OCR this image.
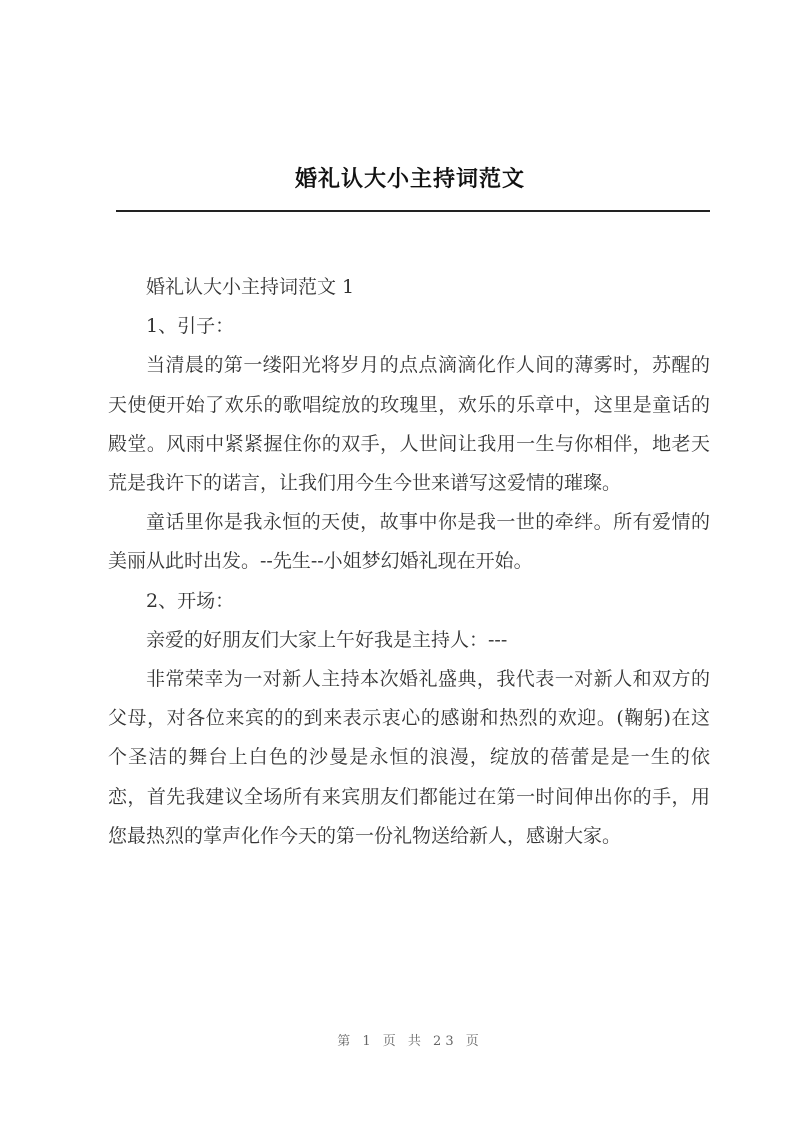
婚礼认大小主持词范文

婚礼认大小主持词范文 1

1、引子：

当清晨的第一缕阳光将岁月的点点滴滴化作人间的薄雾时，苏醒的天使便开始了欢乐的歌唱绽放的玫瑰里，欢乐的乐章中，这里是童话的殿堂。风雨中紧紧握住你的双手，人世间让我用一生与你相伴，地老天荒是我许下的诺言，让我们用今生今世来谱写这爱情的璀璨。

童话里你是我永恒的天使，故事中你是我一世的牵绊。所有爱情的美丽从此时出发。--先生--小姐梦幻婚礼现在开始。

2、开场：

亲爱的好朋友们大家上午好我是主持人：---

非常荣幸为一对新人主持本次婚礼盛典，我代表一对新人和双方的父母，对各位来宾的的到来表示衷心的感谢和热烈的欢迎。(鞠躬)在这个圣洁的舞台上白色的沙曼是永恒的浪漫，绽放的蓓蕾是是一生的依恋，首先我建议全场所有来宾朋友们都能过在第一时间伸出你的手，用您最热烈的掌声化作今天的第一份礼物送给新人，感谢大家。

第 1 页 共 23 页
